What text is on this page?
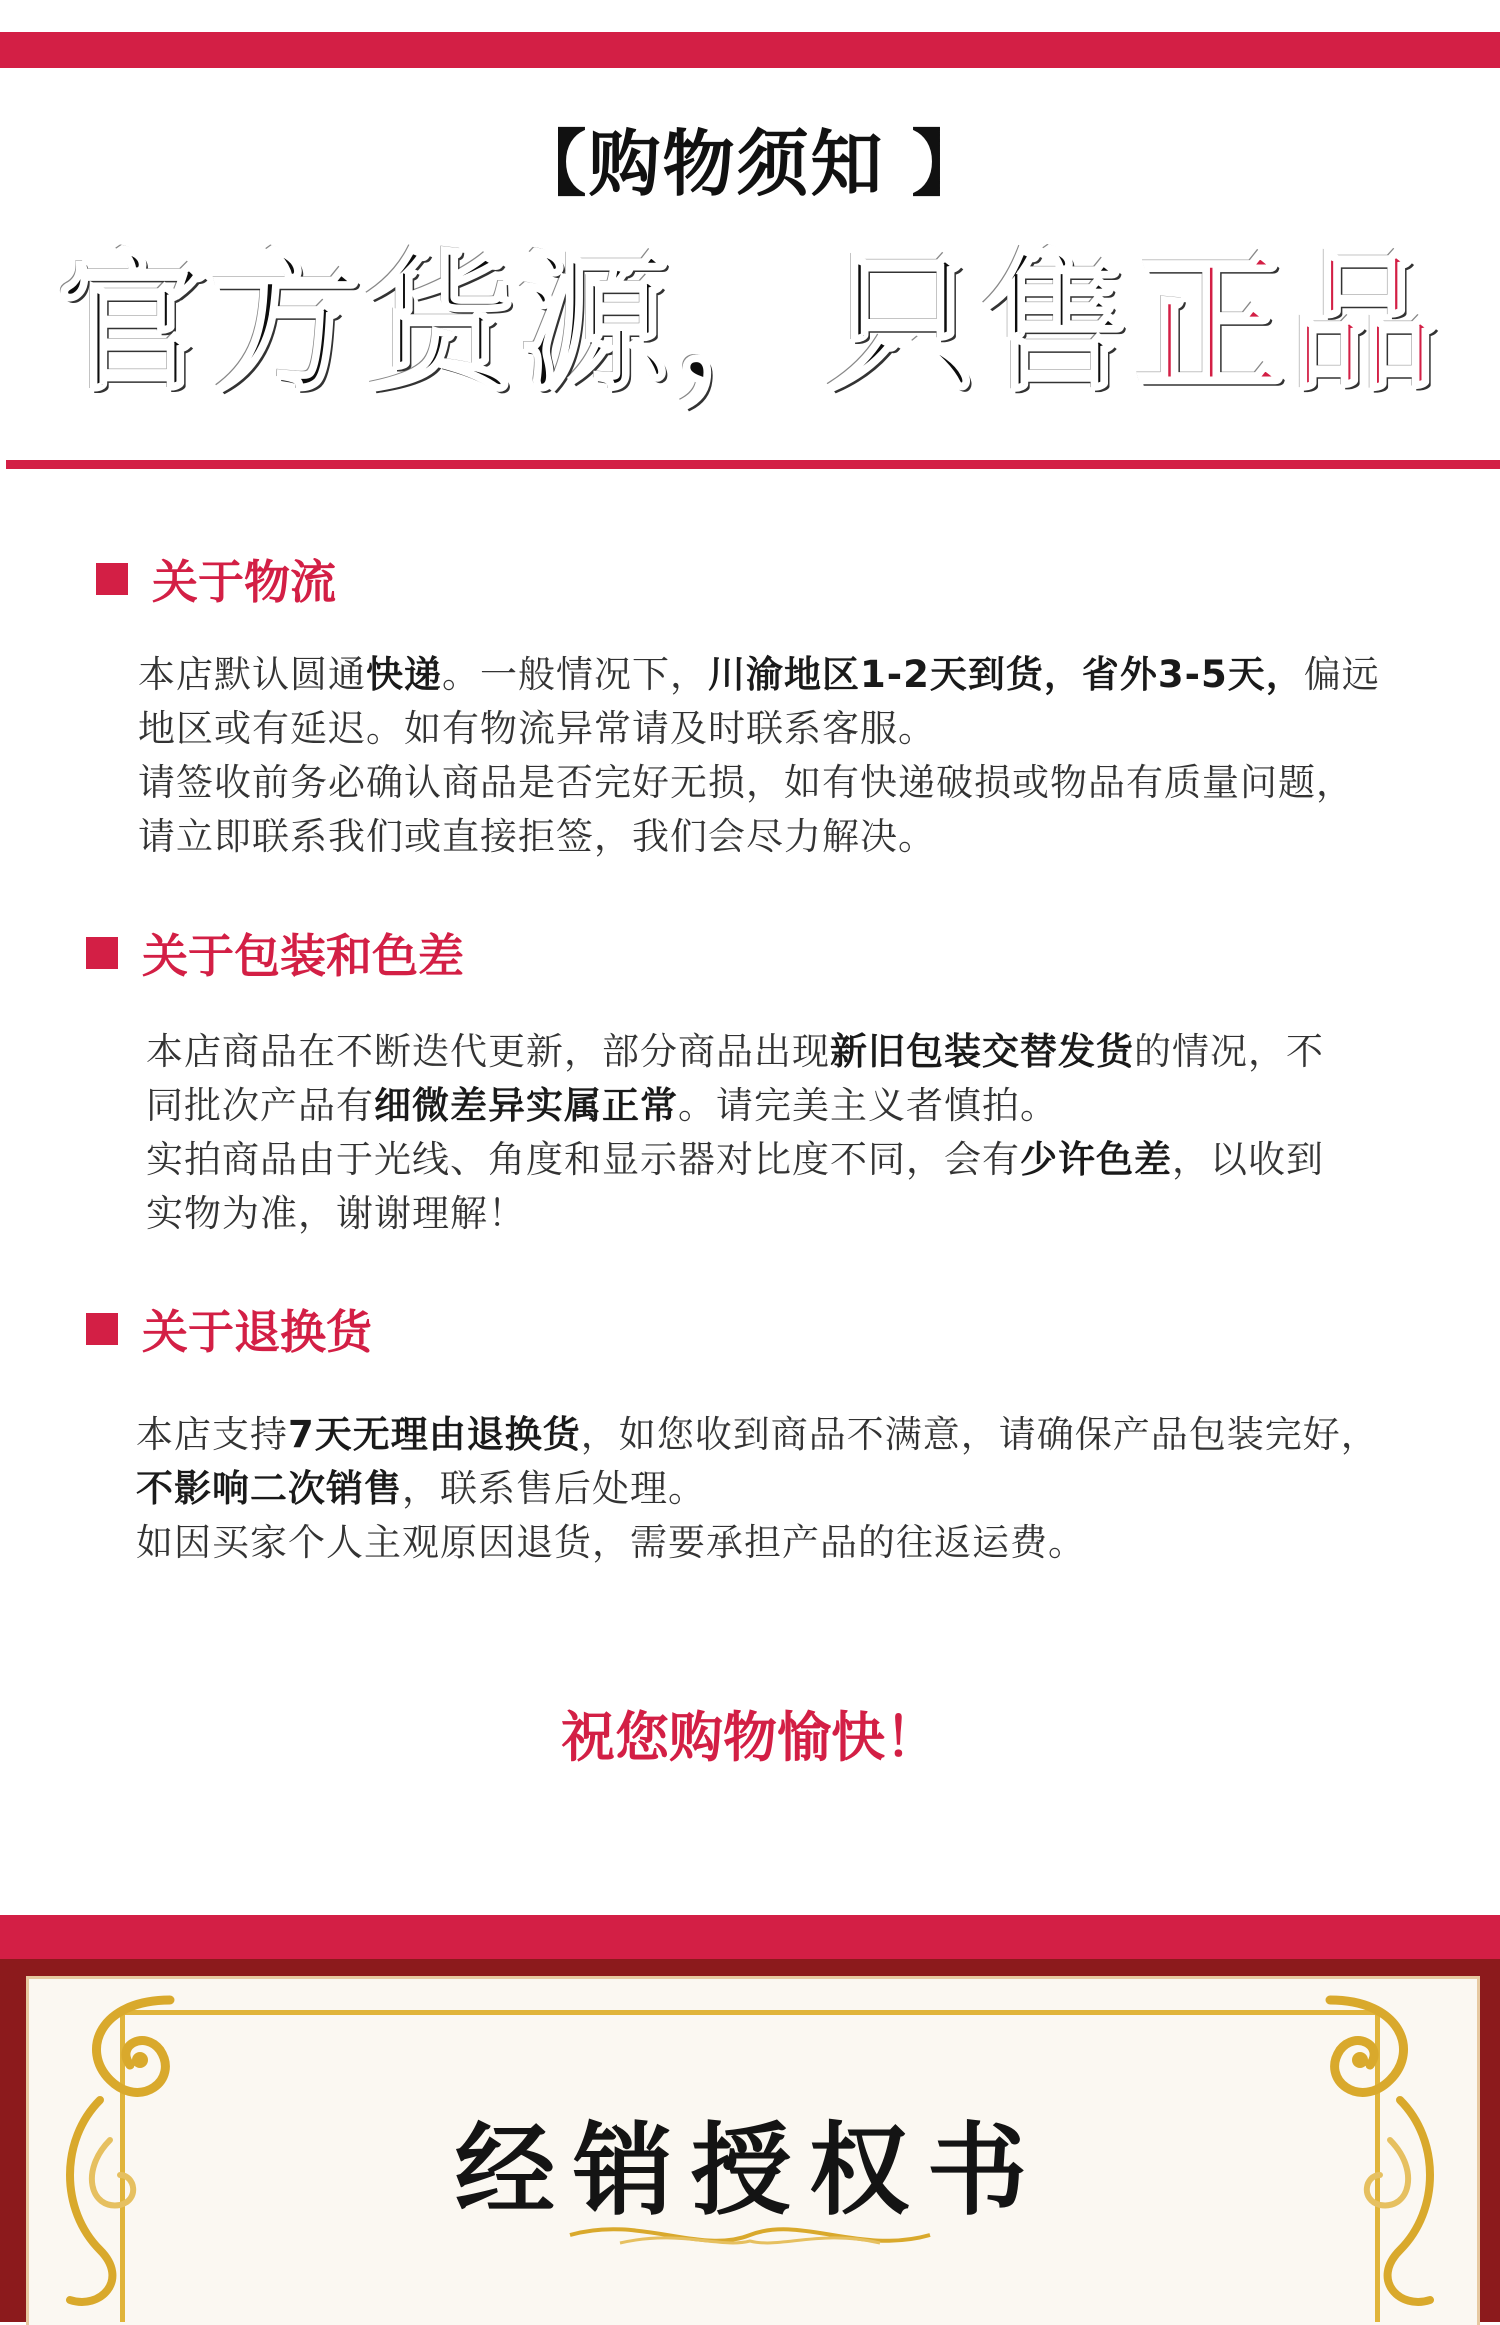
【购物须知 】
官方货源，只售正品
关于物流
本店默认圆通快递。一般情况下，川渝地区1-2天到货，省外3-5天，偏远
地区或有延迟。如有物流异常请及时联系客服。
请签收前务必确认商品是否完好无损，如有快递破损或物品有质量问题，
请立即联系我们或直接拒签，我们会尽力解决。
关于包装和色差
本店商品在不断迭代更新，部分商品出现新旧包装交替发货的情况，不
同批次产品有细微差异实属正常。请完美主义者慎拍。
实拍商品由于光线、角度和显示器对比度不同，会有少许色差，以收到
实物为准，谢谢理解！
关于退换货
本店支持7天无理由退换货，如您收到商品不满意，请确保产品包装完好，
不影响二次销售，联系售后处理。
如因买家个人主观原因退货，需要承担产品的往返运费。
祝您购物愉快！
经销授权书
